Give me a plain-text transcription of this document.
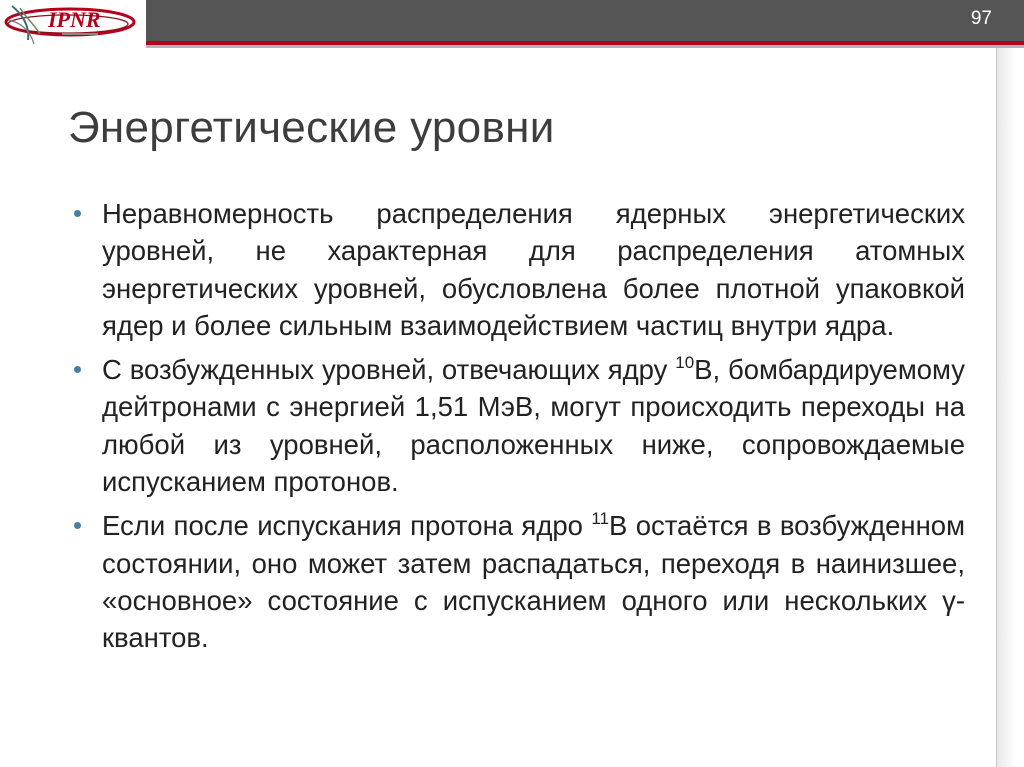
IPNR	97
Энергетические уровни
Неравномерность распределения ядерных энергетических уровней, не характерная для распределения атомных энергетических уровней, обусловлена более плотной упаковкой ядер и более сильным взаимодействием частиц внутри ядра.
С возбужденных уровней, отвечающих ядру $^{10}$B, бомбардируемому дейтронами с энергией 1,51 МэВ, могут происходить переходы на любой из уровней, расположенных ниже, сопровождаемые испусканием протонов.
Если после испускания протона ядро $^{11}$B остаётся в возбужденном состоянии, оно может затем распадаться, переходя в наинизшее, «основное» состояние с испусканием одного или нескольких γ-квантов.
